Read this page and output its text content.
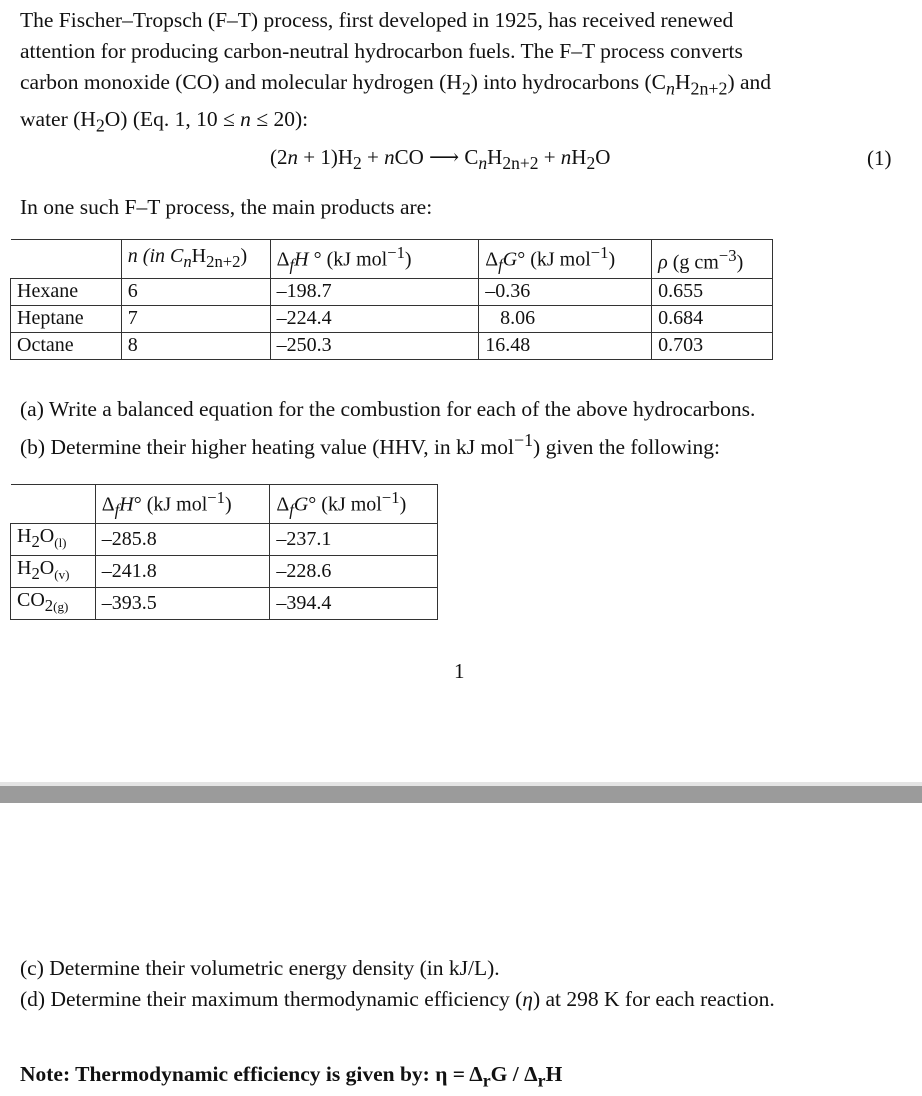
The Fischer–Tropsch (F–T) process, first developed in 1925, has received renewed
attention for producing carbon-neutral hydrocarbon fuels. The F–T process converts
carbon monoxide (CO) and molecular hydrogen $(H_2)$ into hydrocarbons $(C_nH_{2n+2})$ and
water $(H_2O)$ (Eq. 1, 10 ≤ n ≤ 20):
$(2n + 1)H_2$ + nCO ⟶ $C_nH_{2n+2} + nH_2O$	(1)
In one such F–T process, the main products are:
	n (in $C_nH_{2n+2}$)	$\Delta_fH$ ° (kJ mol$^{-1}$)	$\Delta_fG^\circ$ (kJ mol$^{-1}$)	ρ (g $cm^{-3}$)
Hexane	6	–198.7	–0.36	0.655
Heptane	7	–224.4	8.06	0.684
Octane	8	–250.3	16.48	0.703
(a) Write a balanced equation for the combustion for each of the above hydrocarbons.
(b) Determine their higher heating value (HHV, in kJ mol$^{-1}$) given the following:
	$\Delta_fH^\circ$ (kJ mol$^{-1}$)	$\Delta_fG^\circ$ (kJ mol$^{-1}$)
$H_2O_{(l)}$	–285.8	–237.1
$H_2O_{(v)}$	–241.8	–228.6
$CO_{2(g)}$	–393.5	–394.4
1
(c) Determine their volumetric energy density (in kJ/L).
(d) Determine their maximum thermodynamic efficiency (η) at 298 K for each reaction.
Note: Thermodynamic efficiency is given by: $\eta = \Delta_rG / \Delta_rH$
